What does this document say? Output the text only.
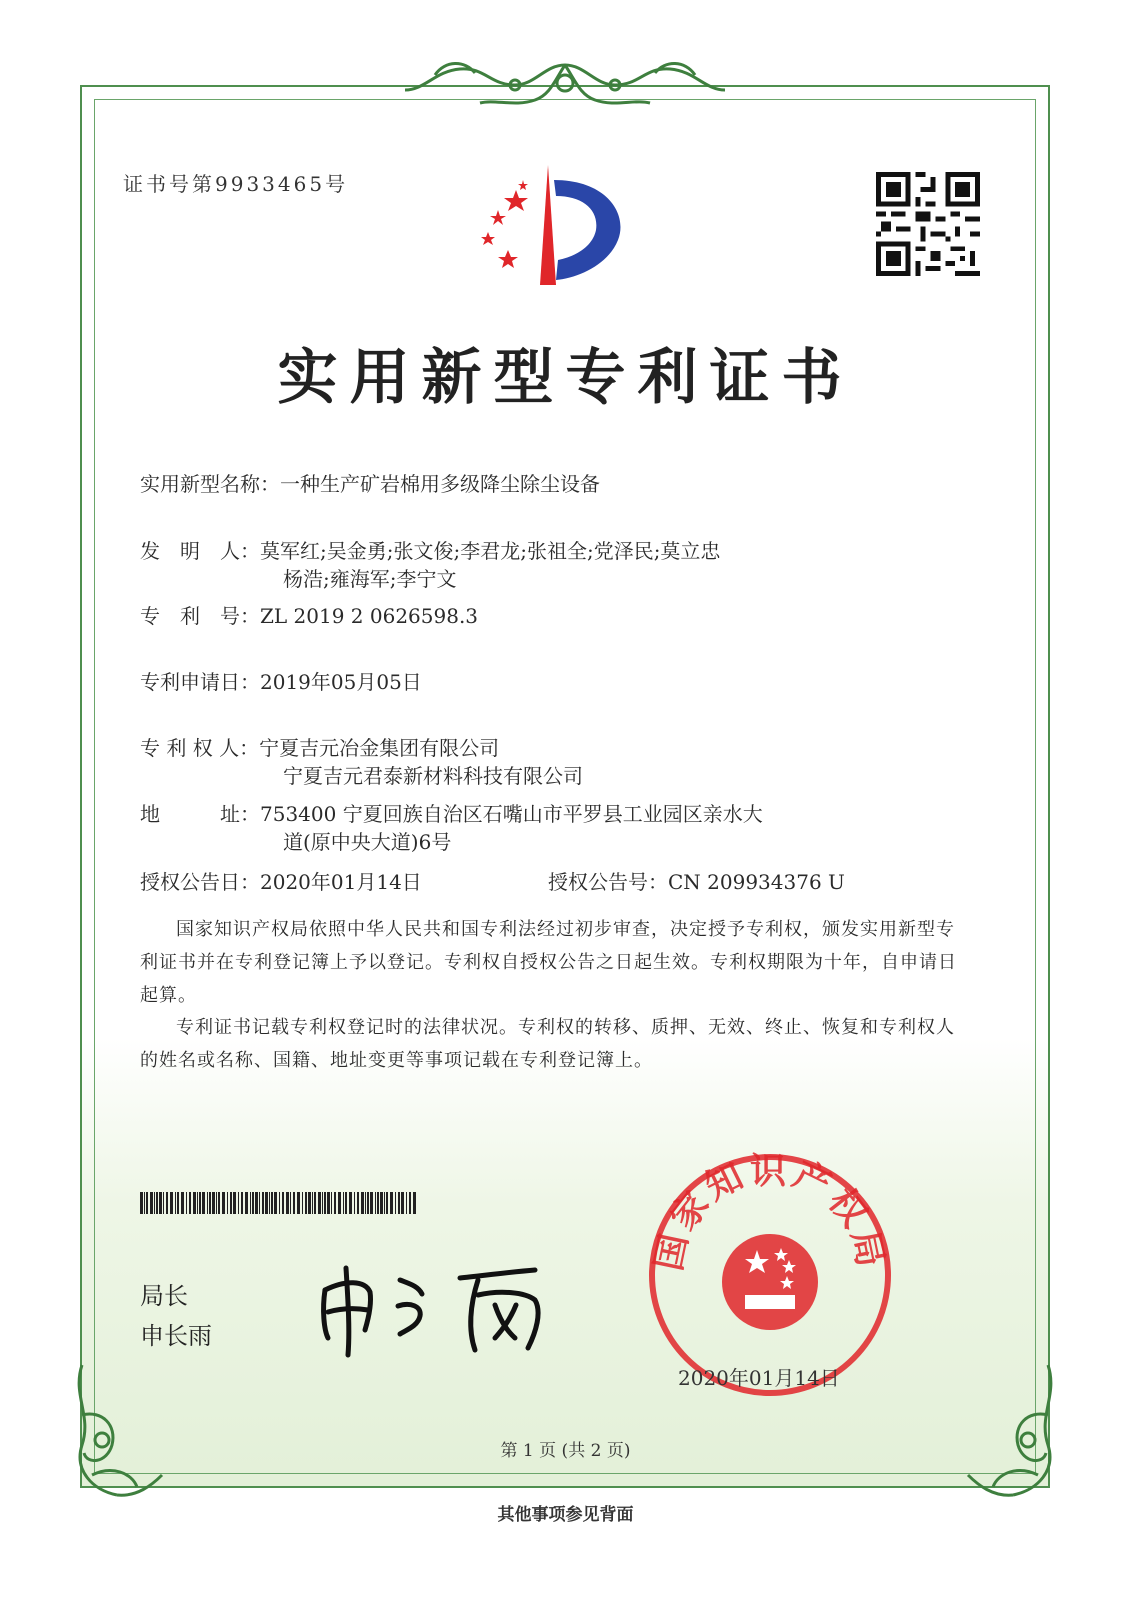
证书号第9933465号
实用新型专利证书
实用新型名称：一种生产矿岩棉用多级降尘除尘设备
发　明　人：莫军红;吴金勇;张文俊;李君龙;张祖全;党泽民;莫立忠
杨浩;雍海军;李宁文
专　利　号：ZL 2019 2 0626598.3
专利申请日：2019年05月05日
专 利 权 人：宁夏吉元冶金集团有限公司
宁夏吉元君泰新材料科技有限公司
地　　　址：753400 宁夏回族自治区石嘴山市平罗县工业园区亲水大
道(原中央大道)6号
授权公告日：2020年01月14日	授权公告号：CN 209934376 U
国家知识产权局依照中华人民共和国专利法经过初步审查，决定授予专利权，颁发实用新型专利证书并在专利登记簿上予以登记。专利权自授权公告之日起生效。专利权期限为十年，自申请日起算。
专利证书记载专利权登记时的法律状况。专利权的转移、质押、无效、终止、恢复和专利权人的姓名或名称、国籍、地址变更等事项记载在专利登记簿上。
局长
申长雨
国家知识产权局
2020年01月14日
第 1 页 (共 2 页)
其他事项参见背面
